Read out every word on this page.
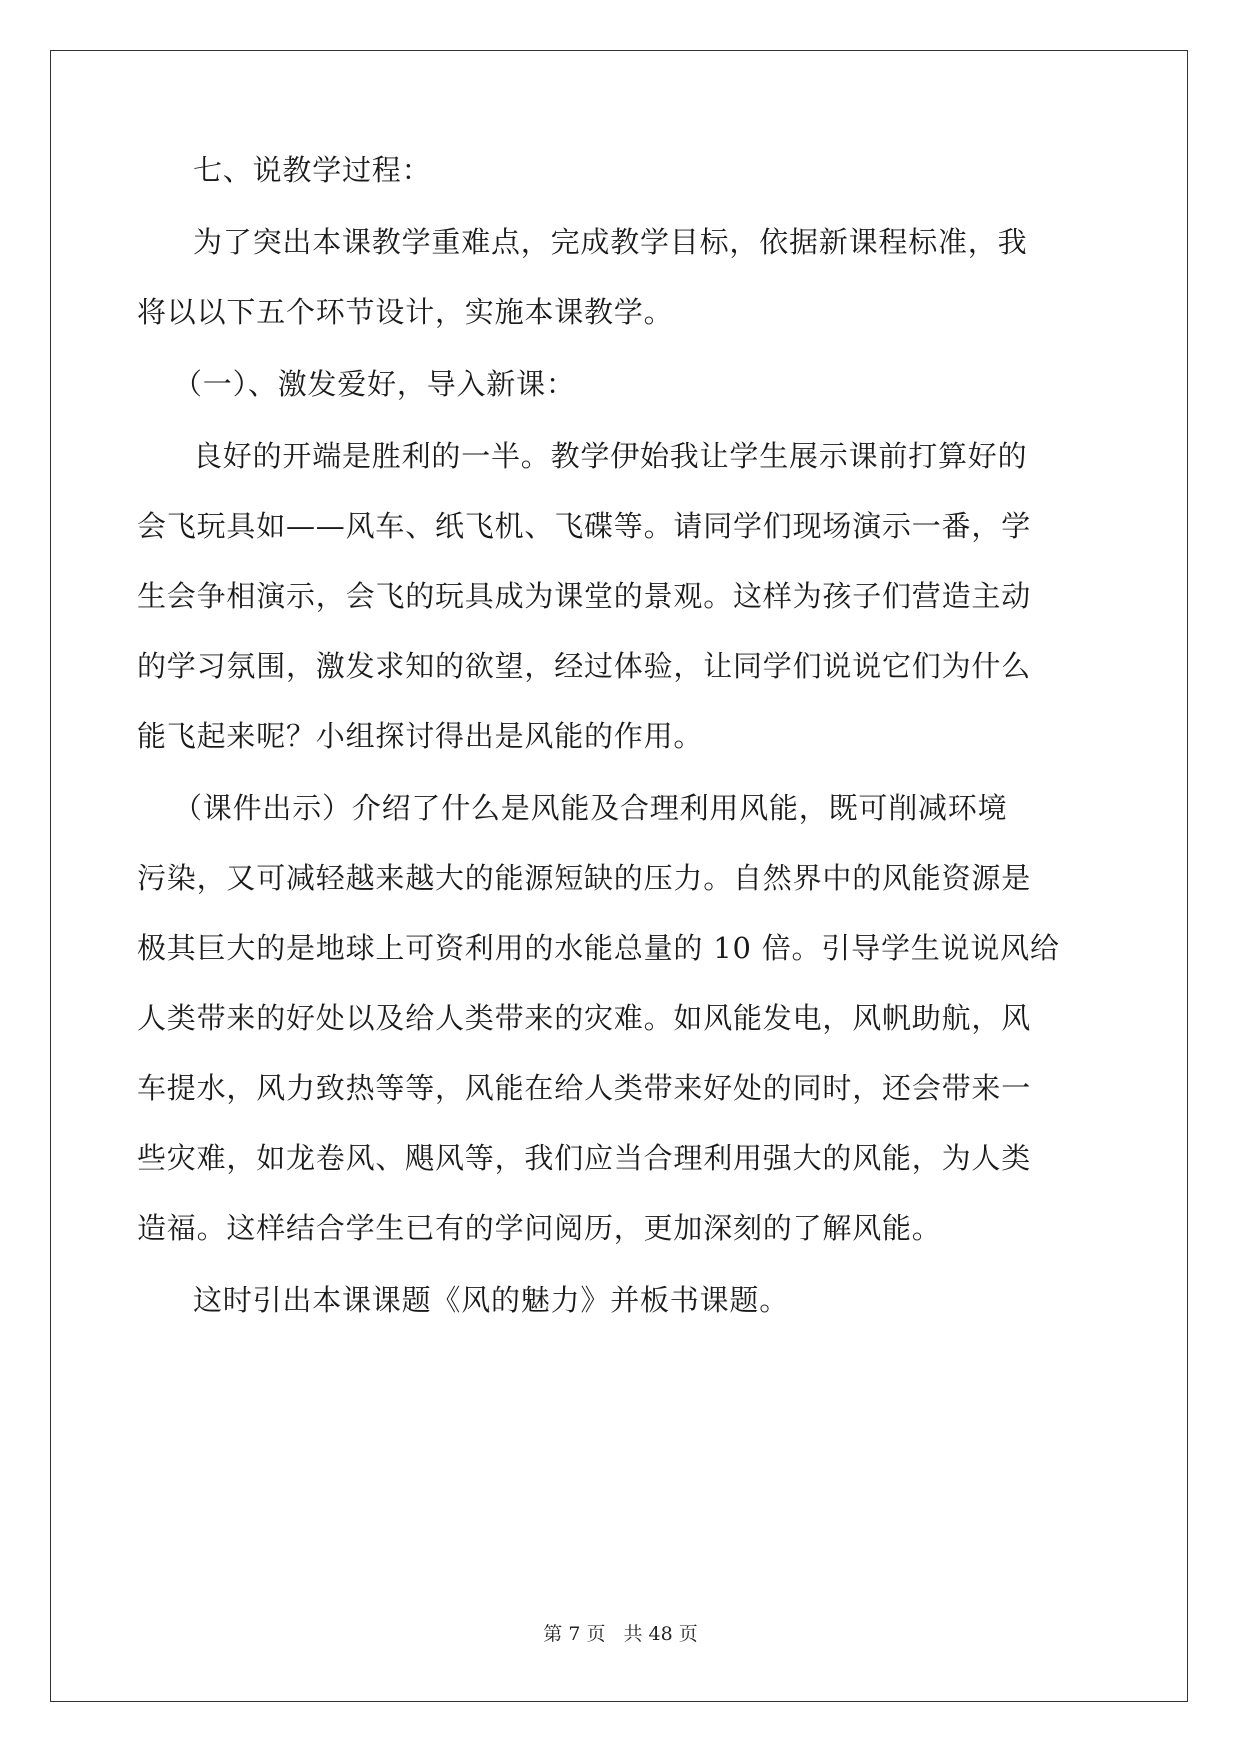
七、说教学过程：
为了突出本课教学重难点，完成教学目标，依据新课程标准，我
将以以下五个环节设计，实施本课教学。
（一）、激发爱好，导入新课：
良好的开端是胜利的一半。教学伊始我让学生展示课前打算好的
会飞玩具如——风车、纸飞机、飞碟等。请同学们现场演示一番，学
生会争相演示，会飞的玩具成为课堂的景观。这样为孩子们营造主动
的学习氛围，激发求知的欲望，经过体验，让同学们说说它们为什么
能飞起来呢？小组探讨得出是风能的作用。
（课件出示）介绍了什么是风能及合理利用风能，既可削减环境
污染，又可减轻越来越大的能源短缺的压力。自然界中的风能资源是
极其巨大的是地球上可资利用的水能总量的 10 倍。引导学生说说风给
人类带来的好处以及给人类带来的灾难。如风能发电，风帆助航，风
车提水，风力致热等等，风能在给人类带来好处的同时，还会带来一
些灾难，如龙卷风、飓风等，我们应当合理利用强大的风能，为人类
造福。这样结合学生已有的学问阅历，更加深刻的了解风能。
这时引出本课课题《风的魅力》并板书课题。
第 7 页 共 48 页
